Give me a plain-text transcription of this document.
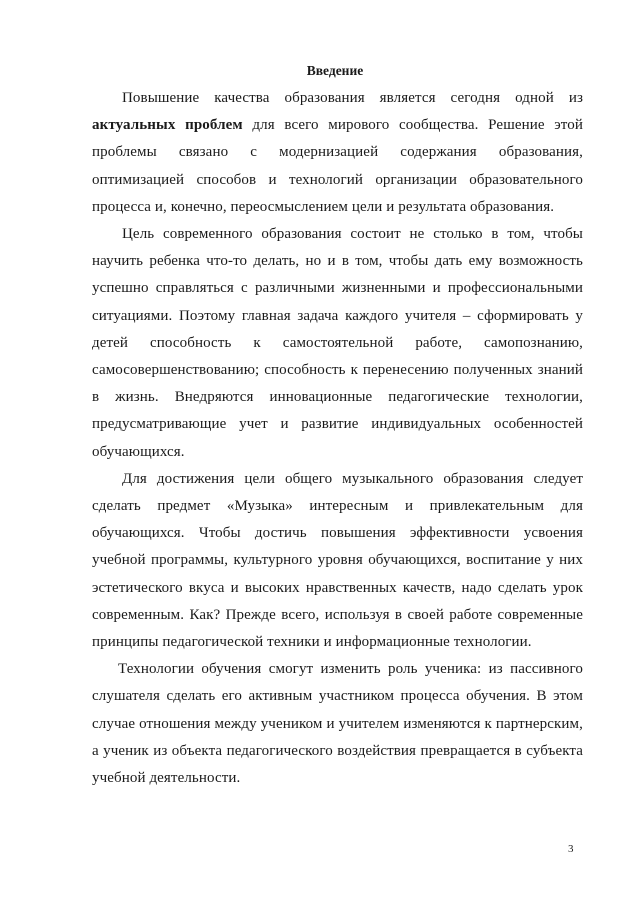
Введение

Повышение качества образования является сегодня одной из актуальных проблем для всего мирового сообщества. Решение этой проблемы связано с модернизацией содержания образования, оптимизацией способов и технологий организации образовательного процесса и, конечно, переосмыслением цели и результата образования.

Цель современного образования состоит не столько в том, чтобы научить ребенка что-то делать, но и в том, чтобы дать ему возможность успешно справляться с различными жизненными и профессиональными ситуациями. Поэтому главная задача каждого учителя – сформировать у детей способность к самостоятельной работе, самопознанию, самосовершенствованию; способность к перенесению полученных знаний в жизнь. Внедряются инновационные педагогические технологии, предусматривающие учет и развитие индивидуальных особенностей обучающихся.

Для достижения цели общего музыкального образования следует сделать предмет «Музыка» интересным и привлекательным для обучающихся. Чтобы достичь повышения эффективности усвоения учебной программы, культурного уровня обучающихся, воспитание у них эстетического вкуса и высоких нравственных качеств, надо сделать урок современным. Как? Прежде всего, используя в своей работе современные принципы педагогической техники и информационные технологии.

Технологии обучения смогут изменить роль ученика: из пассивного слушателя сделать его активным участником процесса обучения. В этом случае отношения между учеником и учителем изменяются к партнерским, а ученик из объекта педагогического воздействия превращается в субъекта учебной деятельности.

3
